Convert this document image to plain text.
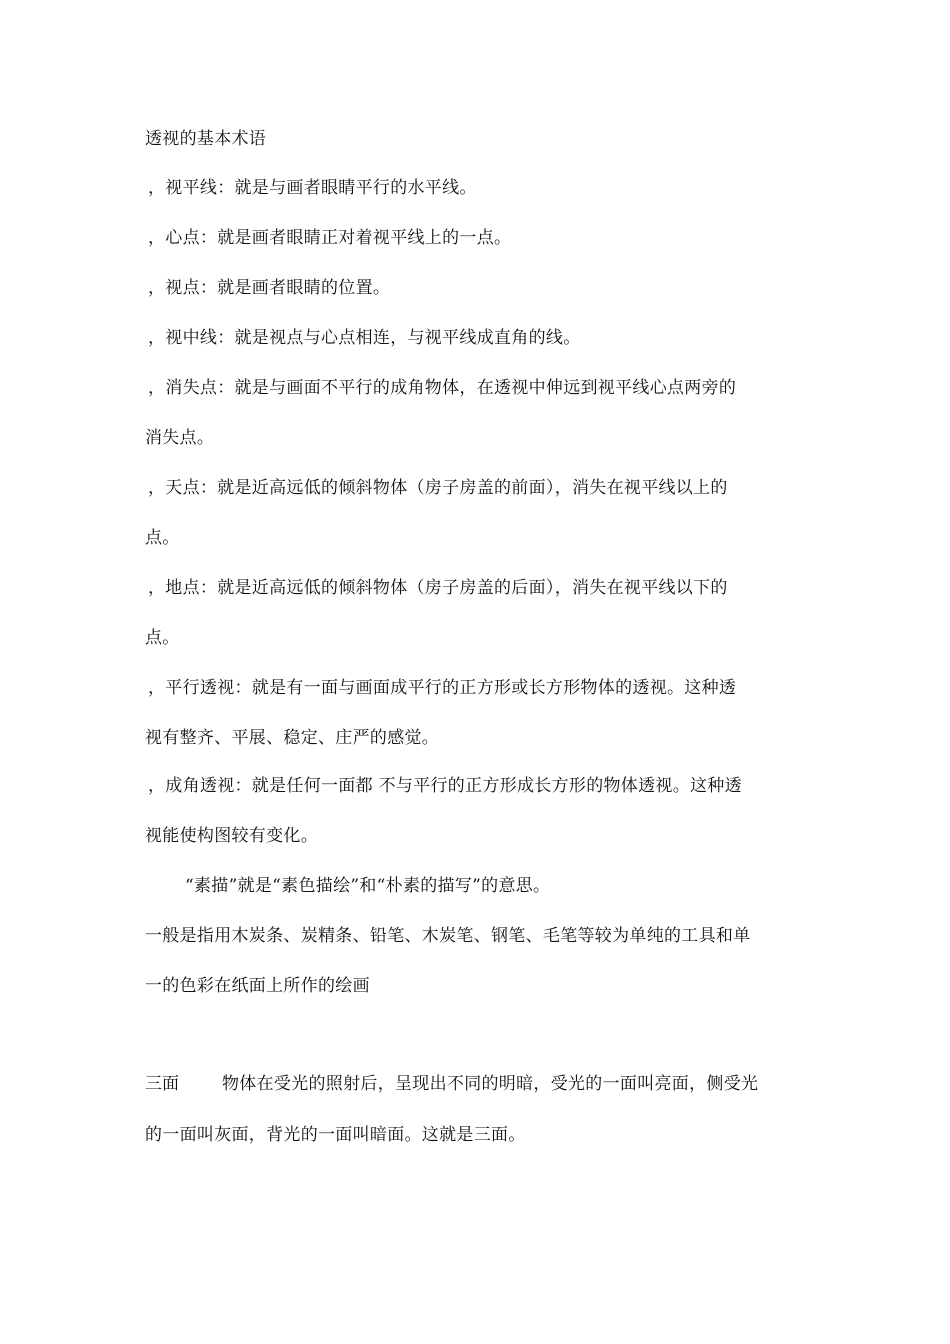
透视的基本术语
，视平线：就是与画者眼睛平行的水平线。
，心点：就是画者眼睛正对着视平线上的一点。
，视点：就是画者眼睛的位置。
，视中线：就是视点与心点相连，与视平线成直角的线。
，消失点：就是与画面不平行的成角物体，在透视中伸远到视平线心点两旁的
消失点。
，天点：就是近高远低的倾斜物体（房子房盖的前面），消失在视平线以上的
点。
，地点：就是近高远低的倾斜物体（房子房盖的后面），消失在视平线以下的
点。
，平行透视：就是有一面与画面成平行的正方形或长方形物体的透视。这种透
视有整齐、平展、稳定、庄严的感觉。
，成角透视：就是任何一面都 不与平行的正方形成长方形的物体透视。这种透
视能使构图较有变化。
“素描”就是“素色描绘”和“朴素的描写”的意思。
一般是指用木炭条、炭精条、铅笔、木炭笔、钢笔、毛笔等较为单纯的工具和单
一的色彩在纸面上所作的绘画
三面	物体在受光的照射后，呈现出不同的明暗，受光的一面叫亮面，侧受光
的一面叫灰面，背光的一面叫暗面。这就是三面。
